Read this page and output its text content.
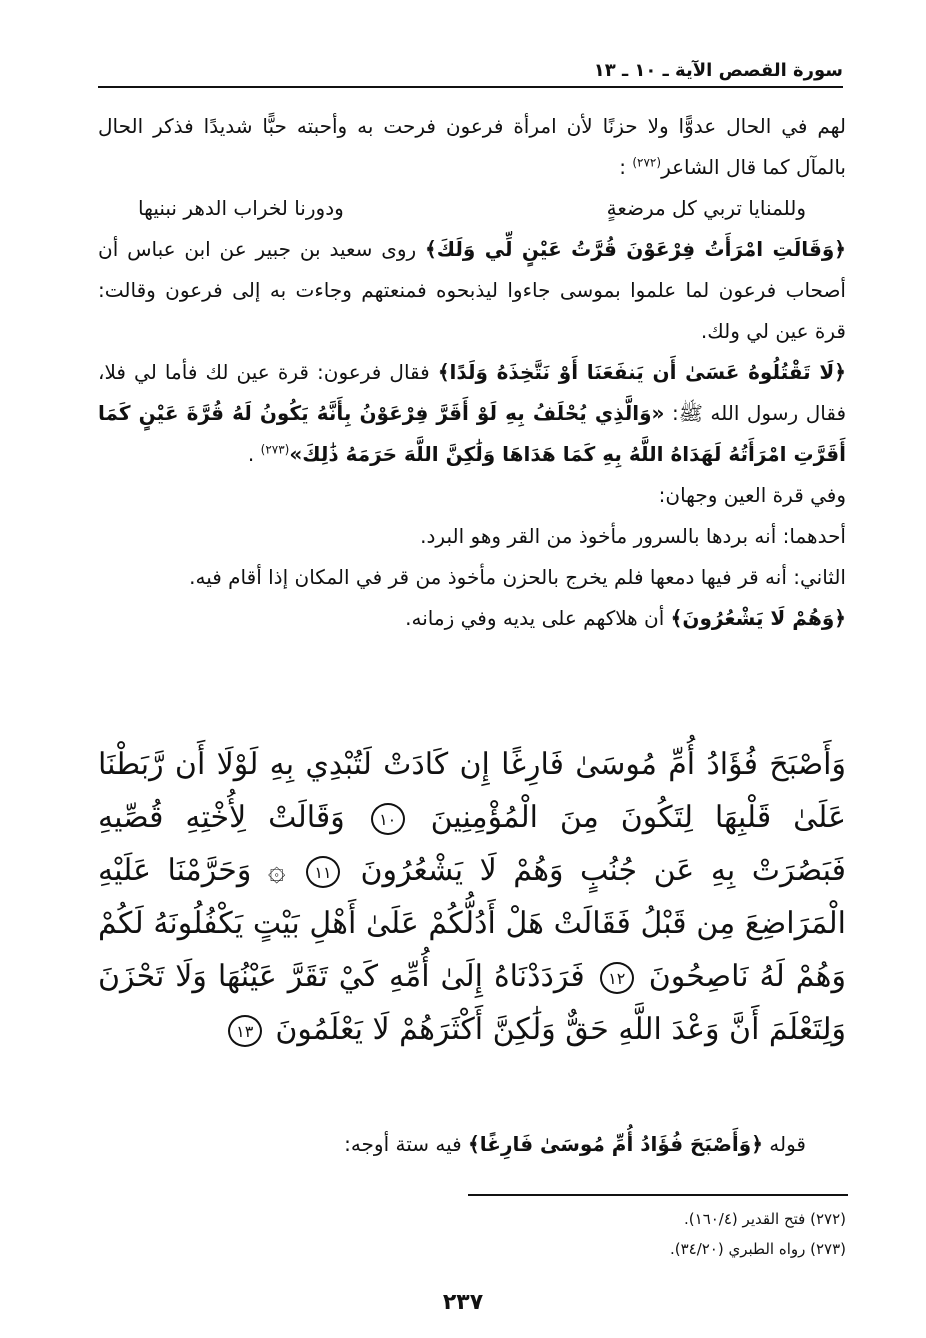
سورة القصص الآية ـ ١٠ ـ ١٣

لهم في الحال عدوًّا ولا حزنًا لأن امرأة فرعون فرحت به وأحبته حبًّا شديدًا فذكر الحال بالمآل كما قال الشاعر$^{(٢٧٢)}$ :

وللمنايا تربي كل مرضعةٍ
ودورنا لخراب الدهر نبنيها

﴿وَقَالَتِ امْرَأَتُ فِرْعَوْنَ قُرَّتُ عَيْنٍ لِّي وَلَكَ﴾ روى سعيد بن جبير عن ابن عباس أن أصحاب فرعون لما علموا بموسى جاءوا ليذبحوه فمنعتهم وجاءت به إلى فرعون وقالت: قرة عين لي ولك.

﴿لَا تَقْتُلُوهُ عَسَىٰ أَن يَنفَعَنَا أَوْ نَتَّخِذَهُ وَلَدًا﴾ فقال فرعون: قرة عين لك فأما لي فلا، فقال رسول الله ﷺ: «وَالَّذِي يُحْلَفُ بِهِ لَوْ أَقَرَّ فِرْعَوْنُ بِأَنَّهُ يَكُونُ لَهُ قُرَّةَ عَيْنٍ كَمَا أَقَرَّتِ امْرَأَتُهُ لَهَدَاهُ اللَّهُ بِهِ كَمَا هَدَاهَا وَلَٰكِنَّ اللَّهَ حَرَمَهُ ذَٰلِكَ»$^{(٢٧٣)}$ .

وفي قرة العين وجهان:

أحدهما: أنه بردها بالسرور مأخوذ من القر وهو البرد.

الثاني: أنه قر فيها دمعها فلم يخرج بالحزن مأخوذ من قر في المكان إذا أقام فيه.

﴿وَهُمْ لَا يَشْعُرُونَ﴾ أن هلاكهم على يديه وفي زمانه.

وَأَصْبَحَ فُؤَادُ أُمِّ مُوسَىٰ فَارِغًا إِن كَادَتْ لَتُبْدِي بِهِ لَوْلَا أَن رَّبَطْنَا عَلَىٰ قَلْبِهَا لِتَكُونَ مِنَ الْمُؤْمِنِينَ ١٠ وَقَالَتْ لِأُخْتِهِ قُصِّيهِ فَبَصُرَتْ بِهِ عَن جُنُبٍ وَهُمْ لَا يَشْعُرُونَ ١١ ۞ وَحَرَّمْنَا عَلَيْهِ الْمَرَاضِعَ مِن قَبْلُ فَقَالَتْ هَلْ أَدُلُّكُمْ عَلَىٰ أَهْلِ بَيْتٍ يَكْفُلُونَهُ لَكُمْ وَهُمْ لَهُ نَاصِحُونَ ١٢ فَرَدَدْنَاهُ إِلَىٰ أُمِّهِ كَيْ تَقَرَّ عَيْنُهَا وَلَا تَحْزَنَ وَلِتَعْلَمَ أَنَّ وَعْدَ اللَّهِ حَقٌّ وَلَٰكِنَّ أَكْثَرَهُمْ لَا يَعْلَمُونَ ١٣

قوله ﴿وَأَصْبَحَ فُؤَادُ أُمِّ مُوسَىٰ فَارِغًا﴾ فيه ستة أوجه:

(٢٧٢) فتح القدير (١٦٠/٤).

(٢٧٣) رواه الطبري (٣٤/٢٠).

٢٣٧
